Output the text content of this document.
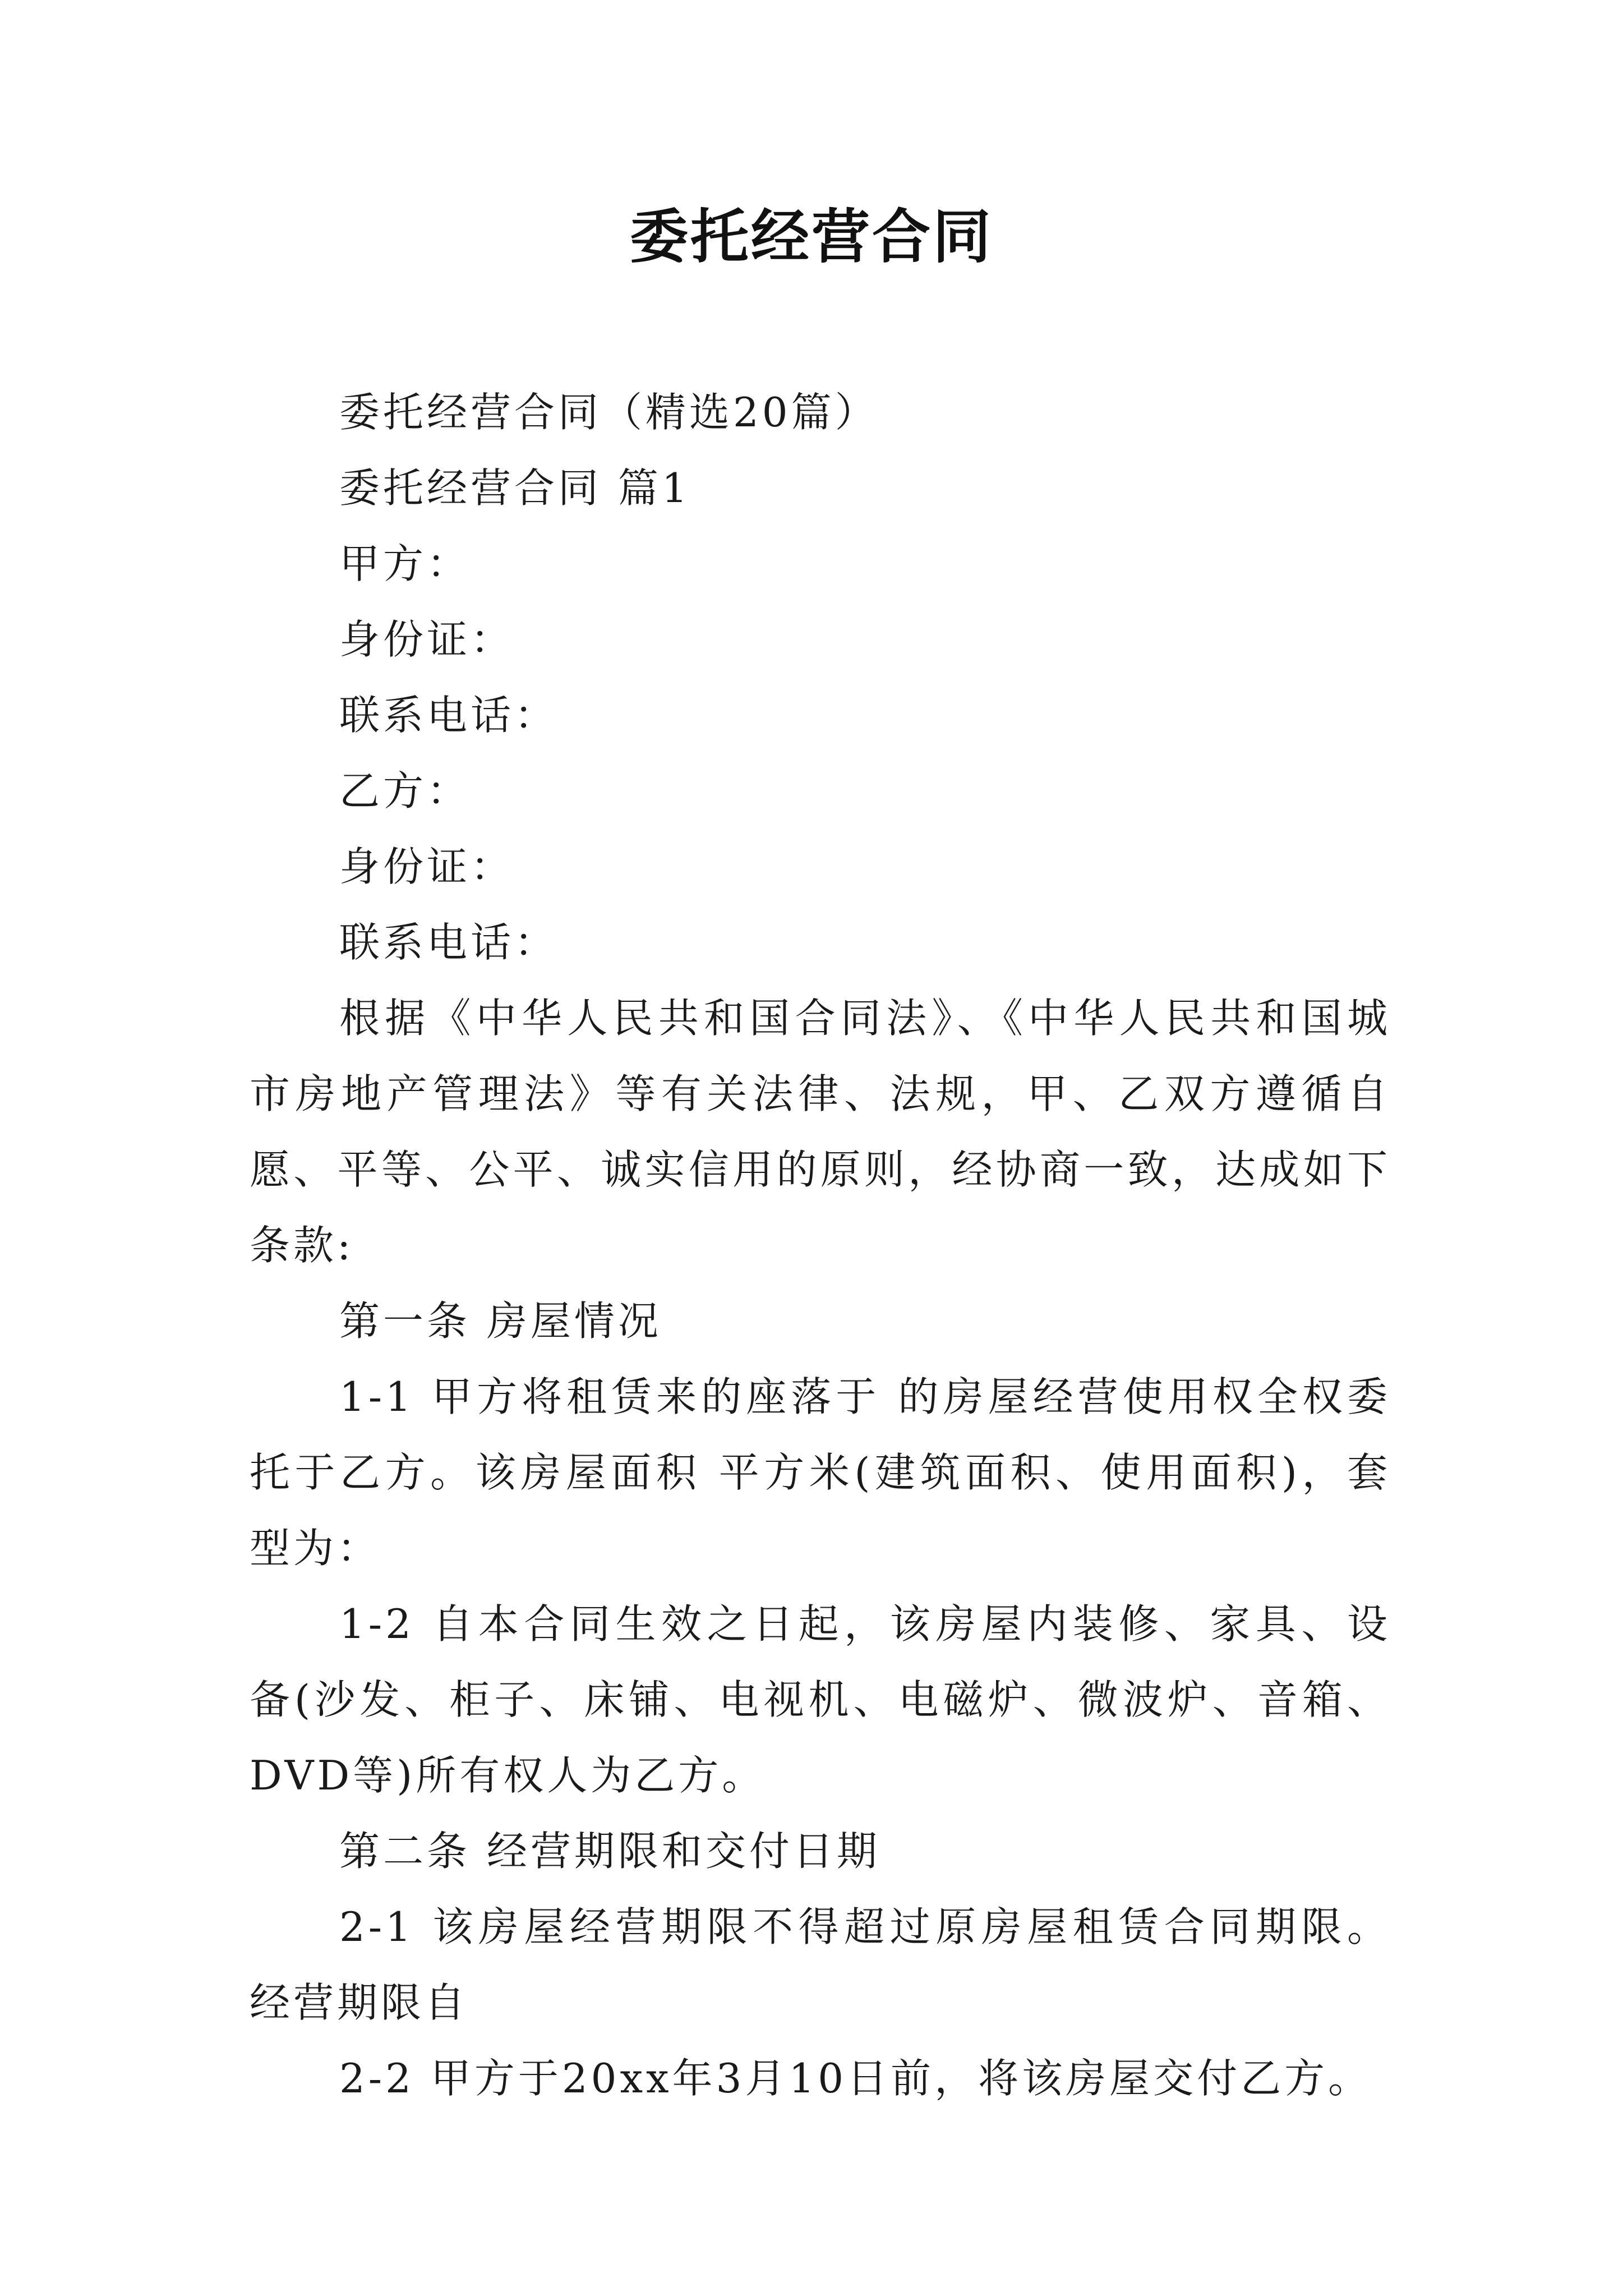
委托经营合同

委托经营合同（精选20篇）

委托经营合同 篇1

甲方：

身份证：

联系电话：

乙方：

身份证：

联系电话：

根据《中华人民共和国合同法》、《中华人民共和国城市房地产管理法》等有关法律、法规，甲、乙双方遵循自愿、平等、公平、诚实信用的原则，经协商一致，达成如下条款:

第一条 房屋情况

1-1 甲方将租赁来的座落于 的房屋经营使用权全权委托于乙方。该房屋面积 平方米(建筑面积、使用面积)，套型为：

1-2 自本合同生效之日起，该房屋内装修、家具、设备(沙发、柜子、床铺、电视机、电磁炉、微波炉、音箱、DVD等)所有权人为乙方。

第二条 经营期限和交付日期

2-1 该房屋经营期限不得超过原房屋租赁合同期限。经营期限自

2-2 甲方于20xx年3月10日前，将该房屋交付乙方。
